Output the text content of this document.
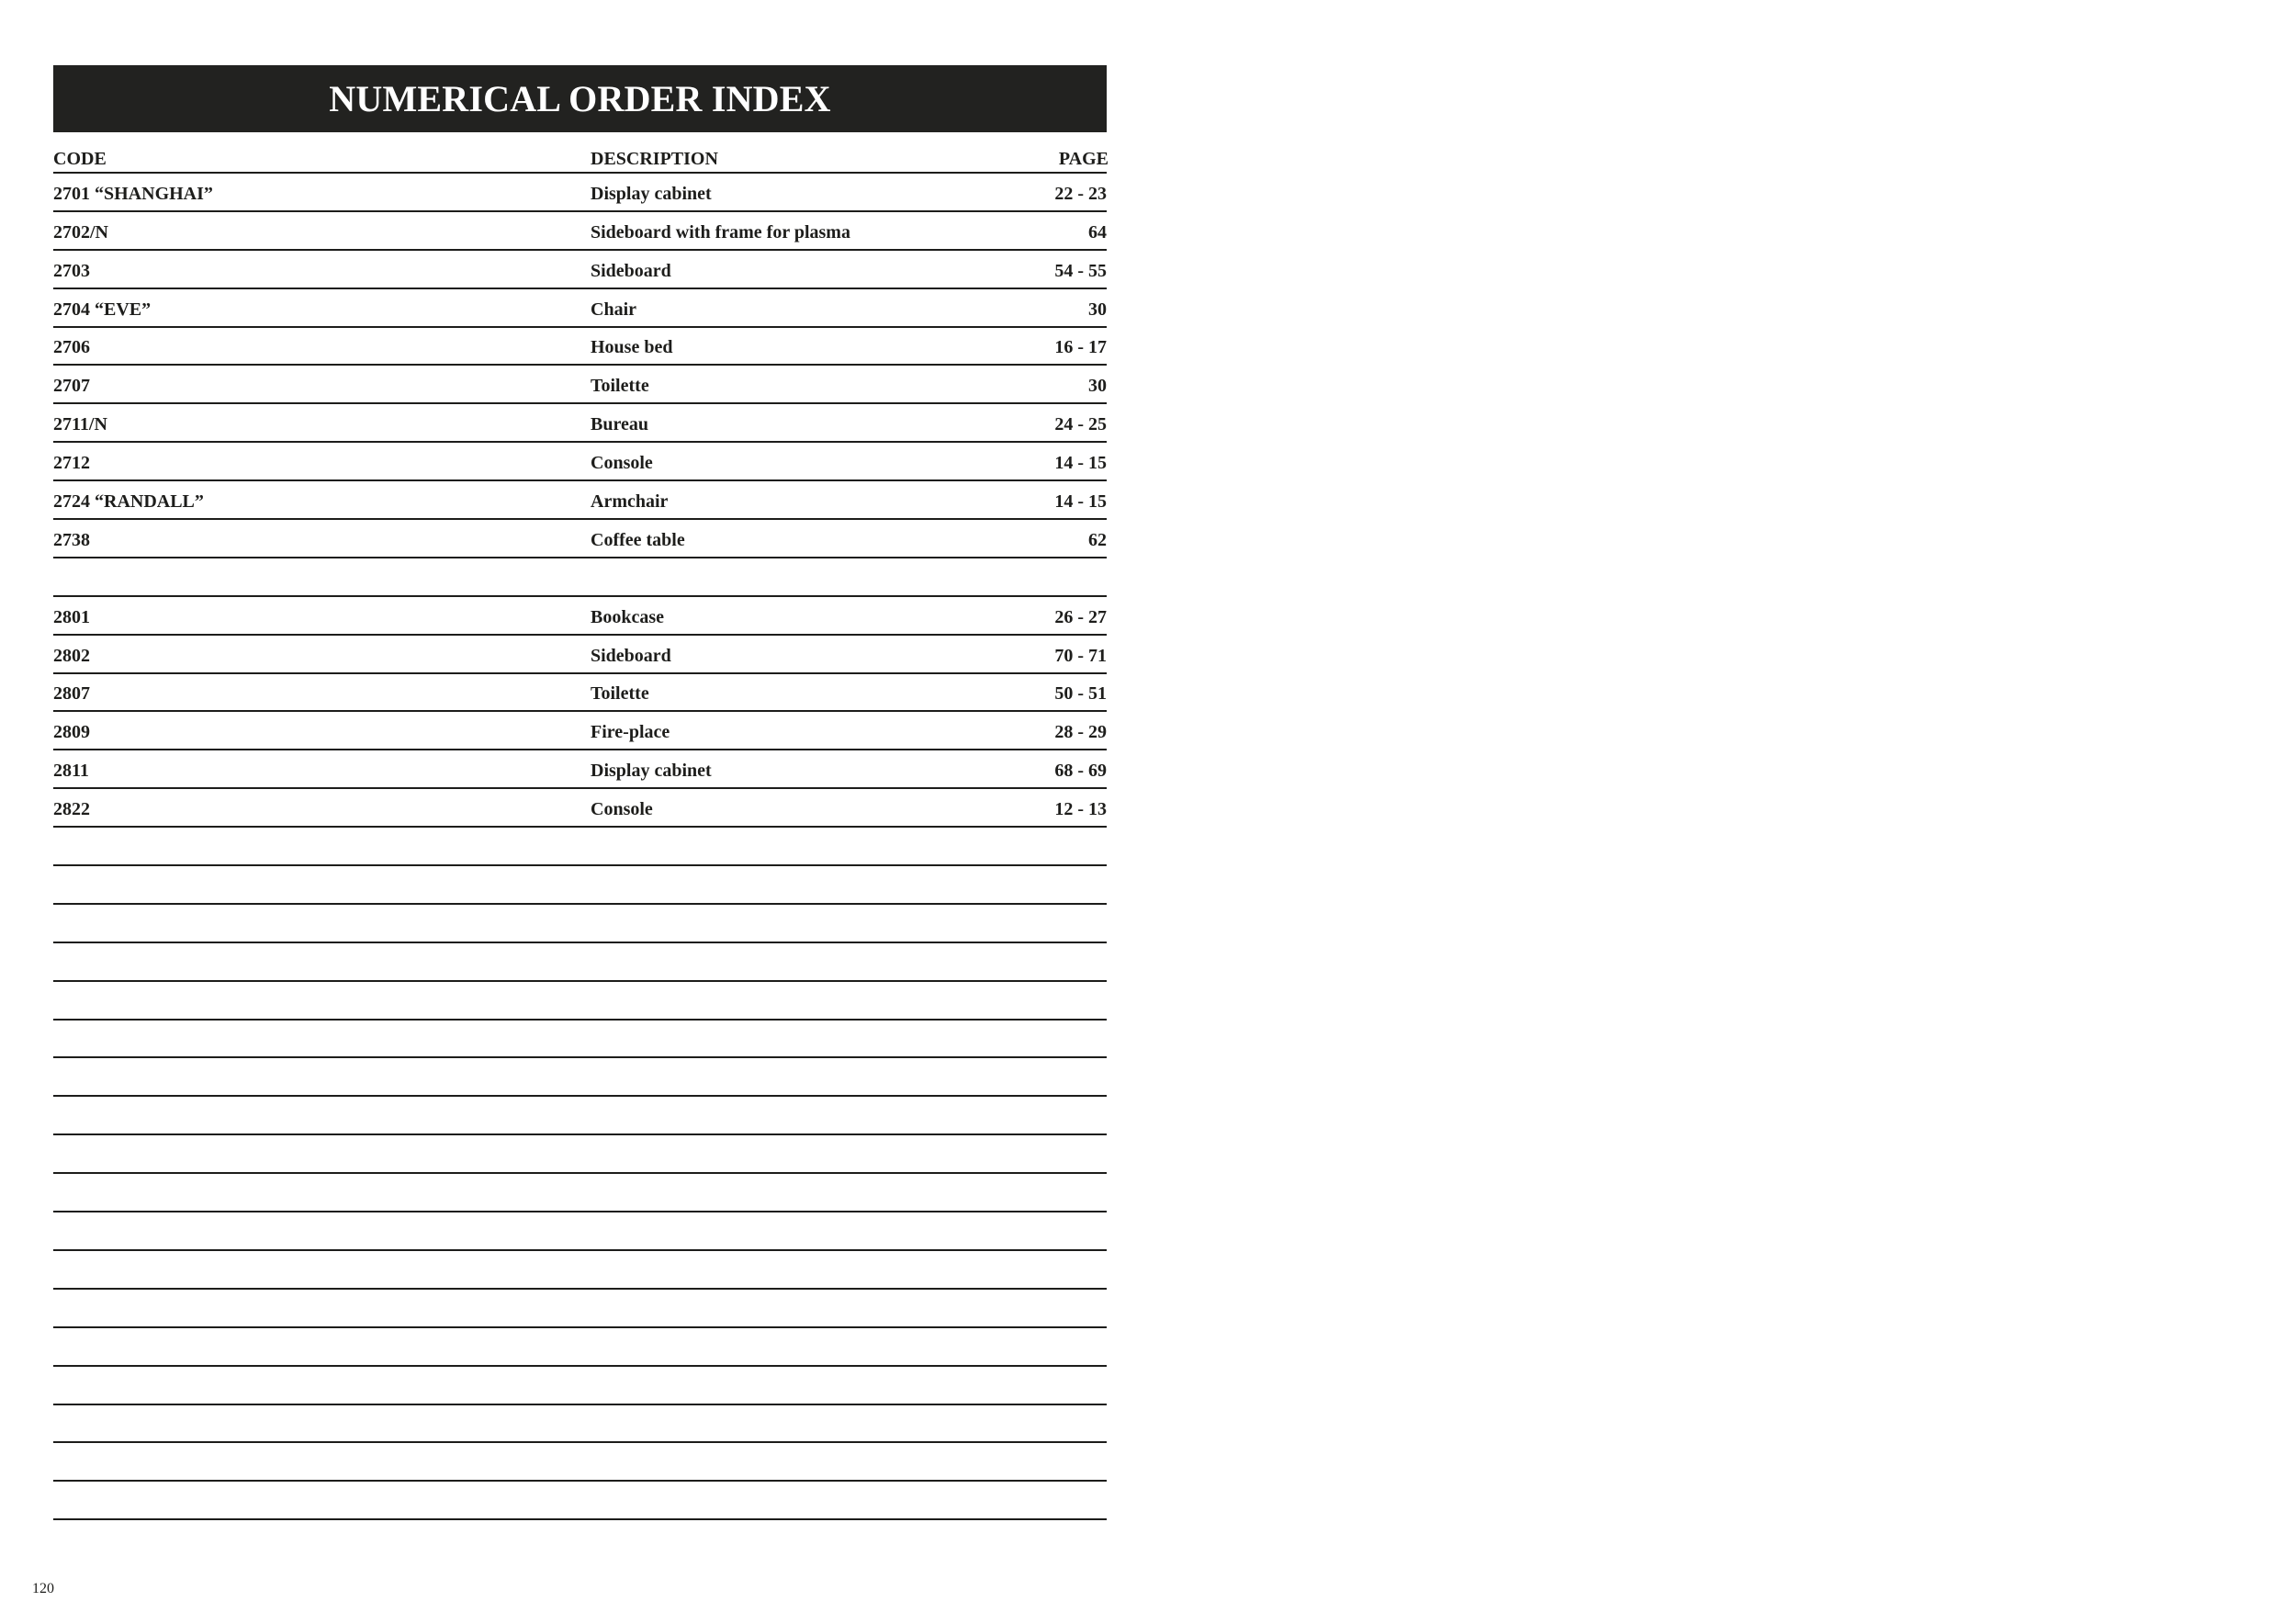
NUMERICAL ORDER INDEX
CODE	DESCRIPTION	PAGE
2701 “SHANGHAI”	Display cabinet	22 - 23
2702/N	Sideboard with frame for plasma	64
2703	Sideboard	54 - 55
2704 “EVE”	Chair	30
2706	House bed	16 - 17
2707	Toilette	30
2711/N	Bureau	24 - 25
2712	Console	14 - 15
2724 “RANDALL”	Armchair	14 - 15
2738	Coffee table	62
2801	Bookcase	26 - 27
2802	Sideboard	70 - 71
2807	Toilette	50 - 51
2809	Fire-place	28 - 29
2811	Display cabinet	68 - 69
2822	Console	12 - 13
120
